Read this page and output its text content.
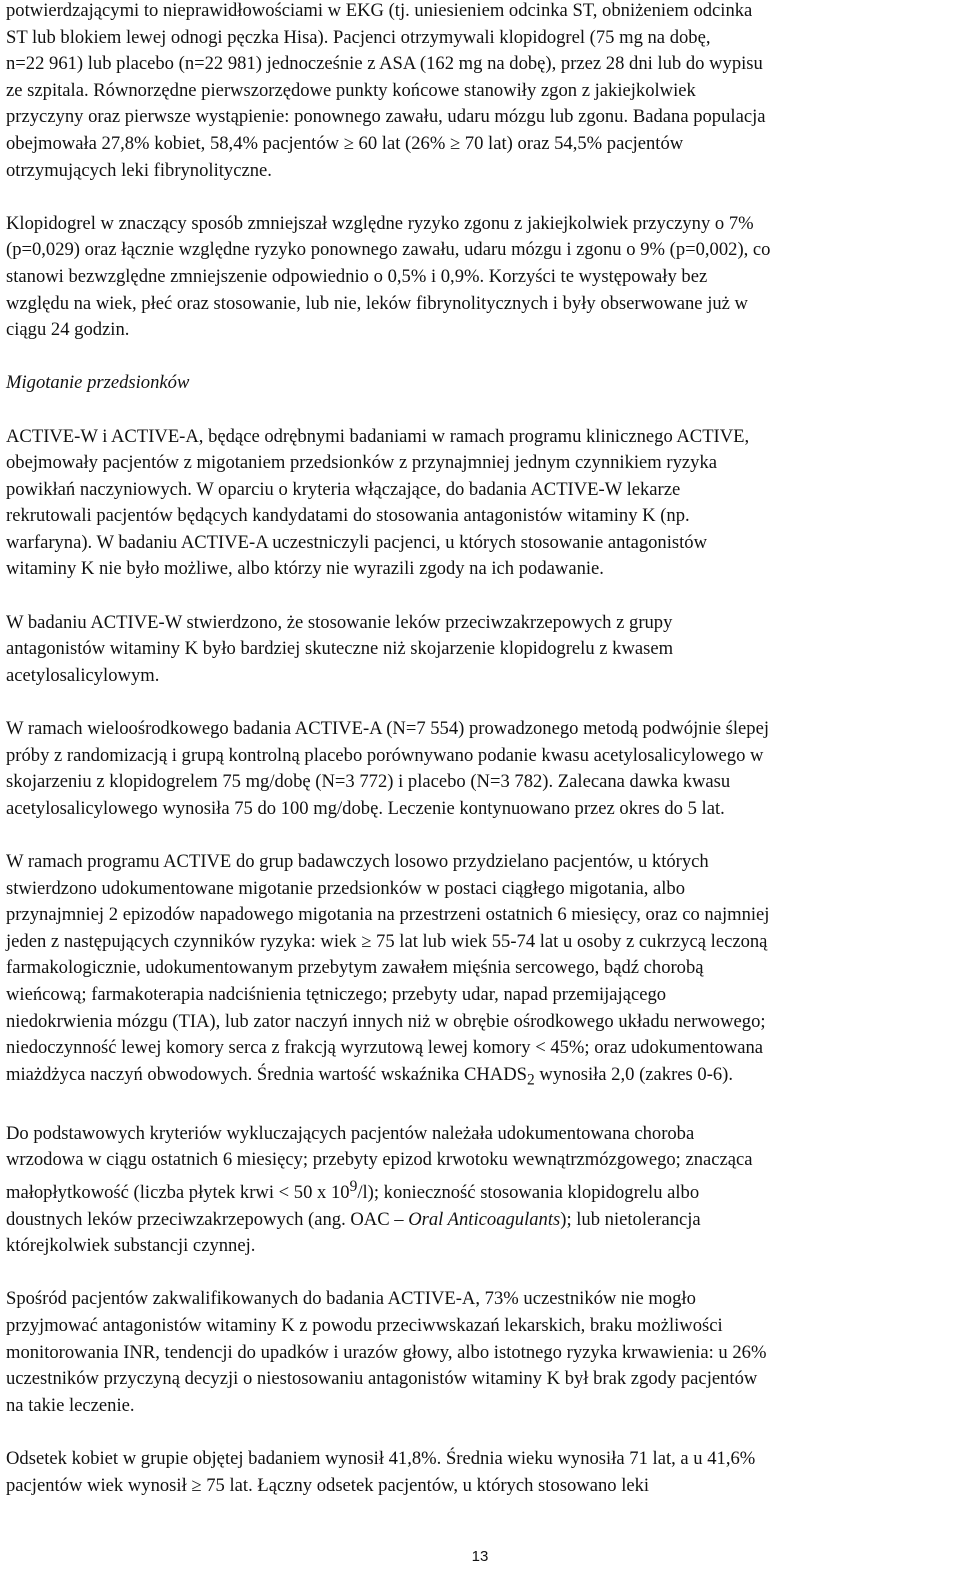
potwierdzającymi to nieprawidłowościami w EKG (tj. uniesieniem odcinka ST, obniżeniem odcinka
ST lub blokiem lewej odnogi pęczka Hisa). Pacjenci otrzymywali klopidogrel (75 mg na dobę,
n=22 961) lub placebo (n=22 981) jednocześnie z ASA (162 mg na dobę), przez 28 dni lub do wypisu
ze szpitala. Równorzędne pierwszorzędowe punkty końcowe stanowiły zgon z jakiejkolwiek
przyczyny oraz pierwsze wystąpienie: ponownego zawału, udaru mózgu lub zgonu. Badana populacja
obejmowała 27,8% kobiet, 58,4% pacjentów ≥ 60 lat (26% ≥ 70 lat) oraz 54,5% pacjentów
otrzymujących leki fibrynolityczne.

Klopidogrel w znaczący sposób zmniejszał względne ryzyko zgonu z jakiejkolwiek przyczyny o 7%
(p=0,029) oraz łącznie względne ryzyko ponownego zawału, udaru mózgu i zgonu o 9% (p=0,002), co
stanowi bezwzględne zmniejszenie odpowiednio o 0,5% i 0,9%. Korzyści te występowały bez
względu na wiek, płeć oraz stosowanie, lub nie, leków fibrynolitycznych i były obserwowane już w
ciągu 24 godzin.

Migotanie przedsionków

ACTIVE-W i ACTIVE-A, będące odrębnymi badaniami w ramach programu klinicznego ACTIVE,
obejmowały pacjentów z migotaniem przedsionków z przynajmniej jednym czynnikiem ryzyka
powikłań naczyniowych. W oparciu o kryteria włączające, do badania ACTIVE-W lekarze
rekrutowali pacjentów będących kandydatami do stosowania antagonistów witaminy K (np.
warfaryna). W badaniu ACTIVE-A uczestniczyli pacjenci, u których stosowanie antagonistów
witaminy K nie było możliwe, albo którzy nie wyrazili zgody na ich podawanie.

W badaniu ACTIVE-W stwierdzono, że stosowanie leków przeciwzakrzepowych z grupy
antagonistów witaminy K było bardziej skuteczne niż skojarzenie klopidogrelu z kwasem
acetylosalicylowym.

W ramach wieloośrodkowego badania ACTIVE-A (N=7 554) prowadzonego metodą podwójnie ślepej
próby z randomizacją i grupą kontrolną placebo porównywano podanie kwasu acetylosalicylowego w
skojarzeniu z klopidogrelem 75 mg/dobę (N=3 772) i placebo (N=3 782). Zalecana dawka kwasu
acetylosalicylowego wynosiła 75 do 100 mg/dobę. Leczenie kontynuowano przez okres do 5 lat.

W ramach programu ACTIVE do grup badawczych losowo przydzielano pacjentów, u których
stwierdzono udokumentowane migotanie przedsionków w postaci ciągłego migotania, albo
przynajmniej 2 epizodów napadowego migotania na przestrzeni ostatnich 6 miesięcy, oraz co najmniej
jeden z następujących czynników ryzyka: wiek ≥ 75 lat lub wiek 55-74 lat u osoby z cukrzycą leczoną
farmakologicznie, udokumentowanym przebytym zawałem mięśnia sercowego, bądź chorobą
wieńcową; farmakoterapia nadciśnienia tętniczego; przebyty udar, napad przemijającego
niedokrwienia mózgu (TIA), lub zator naczyń innych niż w obrębie ośrodkowego układu nerwowego;
niedoczynność lewej komory serca z frakcją wyrzutową lewej komory < 45%; oraz udokumentowana
miażdżyca naczyń obwodowych. Średnia wartość wskaźnika $CHADS_2$ wynosiła 2,0 (zakres 0-6).

Do podstawowych kryteriów wykluczających pacjentów należała udokumentowana choroba
wrzodowa w ciągu ostatnich 6 miesięcy; przebyty epizod krwotoku wewnątrzmózgowego; znacząca
małopłytkowość (liczba płytek krwi < 50 x $10^9/l$); konieczność stosowania klopidogrelu albo
doustnych leków przeciwzakrzepowych (ang. OAC – Oral Anticoagulants); lub nietolerancja
którejkolwiek substancji czynnej.

Spośród pacjentów zakwalifikowanych do badania ACTIVE-A, 73% uczestników nie mogło
przyjmować antagonistów witaminy K z powodu przeciwwskazań lekarskich, braku możliwości
monitorowania INR, tendencji do upadków i urazów głowy, albo istotnego ryzyka krwawienia: u 26%
uczestników przyczyną decyzji o niestosowaniu antagonistów witaminy K był brak zgody pacjentów
na takie leczenie.

Odsetek kobiet w grupie objętej badaniem wynosił 41,8%. Średnia wieku wynosiła 71 lat, a u 41,6%
pacjentów wiek wynosił ≥ 75 lat. Łączny odsetek pacjentów, u których stosowano leki

13
